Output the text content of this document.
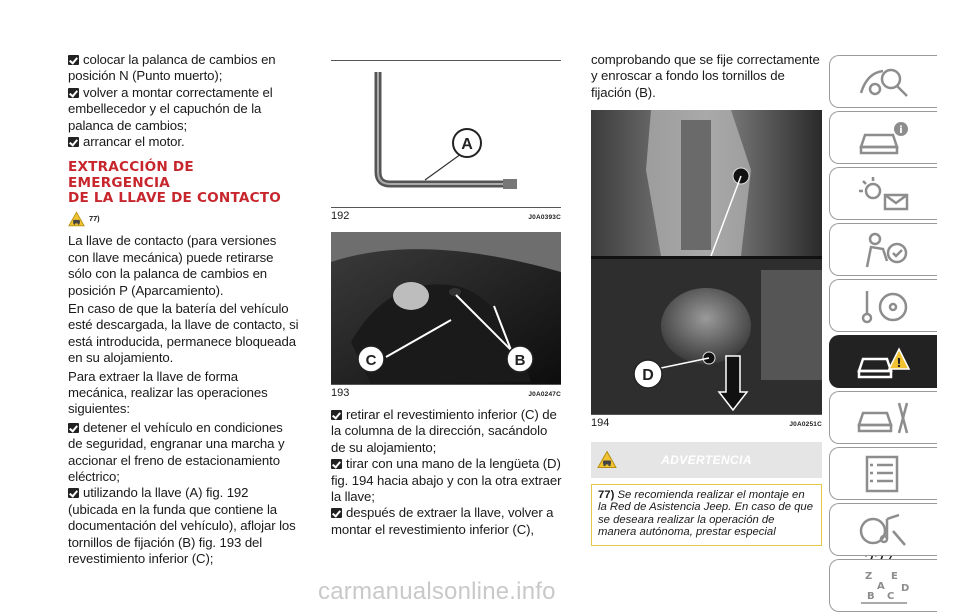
colocar la palanca de cambios en posición N (Punto muerto);
volver a montar correctamente el embellecedor y el capuchón de la palanca de cambios;
arrancar el motor.
EXTRACCIÓN DE EMERGENCIA
DE LA LLAVE DE CONTACTO
77)

La llave de contacto (para versiones con llave mecánica) puede retirarse sólo con la palanca de cambios en posición P (Aparcamiento).

En caso de que la batería del vehículo esté descargada, la llave de contacto, si está introducida, permanece bloqueada en su alojamiento.

Para extraer la llave de forma mecánica, realizar las operaciones siguientes:

detener el vehículo en condiciones de seguridad, engranar una marcha y accionar el freno de estacionamiento eléctrico;
utilizando la llave (A) fig. 192 (ubicada en la funda que contiene la documentación del vehículo), aflojar los tornillos de fijación (B) fig. 193 del revestimiento inferior (C);
A
192	J0A0393C
B
C
193	J0A0247C
retirar el revestimiento inferior (C) de la columna de la dirección, sacándolo de su alojamiento;
tirar con una mano de la lengüeta (D) fig. 194 hacia abajo y con la otra extraer la llave;
después de extraer la llave, volver a montar el revestimiento inferior (C),

comprobando que se fije correctamente y enroscar a fondo los tornillos de fijación (B).

D
194	J0A0251C
ADVERTENCIA
77) Se recomienda realizar el montaje en la Red de Asistencia Jeep. En caso de que se deseara realizar la operación de manera autónoma, prestar especial
i
!
Z E
A
B C
D
carmanualsonline.info
